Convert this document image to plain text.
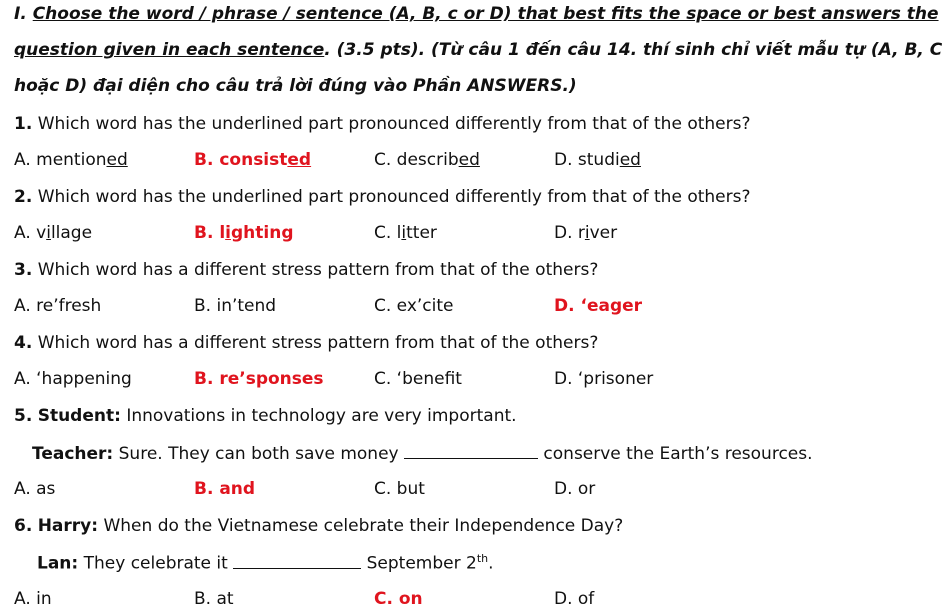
I. Choose the word / phrase / sentence (A, B, c or D) that best fits the space or best answers the
question given in each sentence. (3.5 pts). (Từ câu 1 đến câu 14. thí sinh chỉ viết mẫu tự (A, B, C
hoặc D) đại diện cho câu trả lời đúng vào Phần ANSWERS.)
1. Which word has the underlined part pronounced differently from that of the others?
A. mentioned	B. consisted	C. described	D. studied
2. Which word has the underlined part pronounced differently from that of the others?
A. village	B. lighting	C. litter	D. river
3. Which word has a different stress pattern from that of the others?
A. re’fresh	B. in’tend	C. ex’cite	D. ‘eager
4. Which word has a different stress pattern from that of the others?
A. ‘happening	B. re’sponses	C. ‘benefit	D. ‘prisoner
5. Student: Innovations in technology are very important.
Teacher: Sure. They can both save money	conserve the Earth’s resources.
A. as	B. and	C. but	D. or
6. Harry: When do the Vietnamese celebrate their Independence Day?
Lan: They celebrate it	September 2th.
A. in	B. at	C. on	D. of
